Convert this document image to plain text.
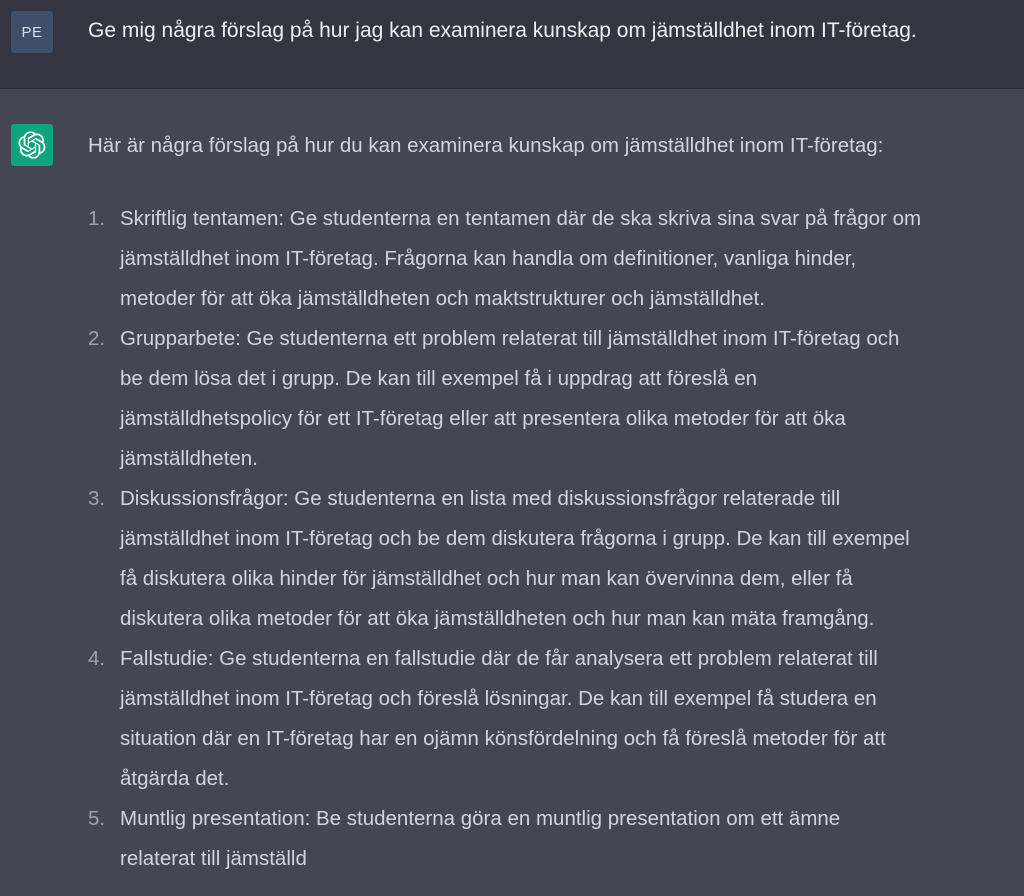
PE Ge mig några förslag på hur jag kan examinera kunskap om jämställdhet inom IT-företag.
Här är några förslag på hur du kan examinera kunskap om jämställdhet inom IT-företag:
1. Skriftlig tentamen: Ge studenterna en tentamen där de ska skriva sina svar på frågor om
jämställdhet inom IT-företag. Frågorna kan handla om definitioner, vanliga hinder,
metoder för att öka jämställdheten och maktstrukturer och jämställdhet.
2. Grupparbete: Ge studenterna ett problem relaterat till jämställdhet inom IT-företag och
be dem lösa det i grupp. De kan till exempel få i uppdrag att föreslå en
jämställdhetspolicy för ett IT-företag eller att presentera olika metoder för att öka
jämställdheten.
3. Diskussionsfrågor: Ge studenterna en lista med diskussionsfrågor relaterade till
jämställdhet inom IT-företag och be dem diskutera frågorna i grupp. De kan till exempel
få diskutera olika hinder för jämställdhet och hur man kan övervinna dem, eller få
diskutera olika metoder för att öka jämställdheten och hur man kan mäta framgång.
4. Fallstudie: Ge studenterna en fallstudie där de får analysera ett problem relaterat till
jämställdhet inom IT-företag och föreslå lösningar. De kan till exempel få studera en
situation där en IT-företag har en ojämn könsfördelning och få föreslå metoder för att
åtgärda det.
5. Muntlig presentation: Be studenterna göra en muntlig presentation om ett ämne
relaterat till jämställd
